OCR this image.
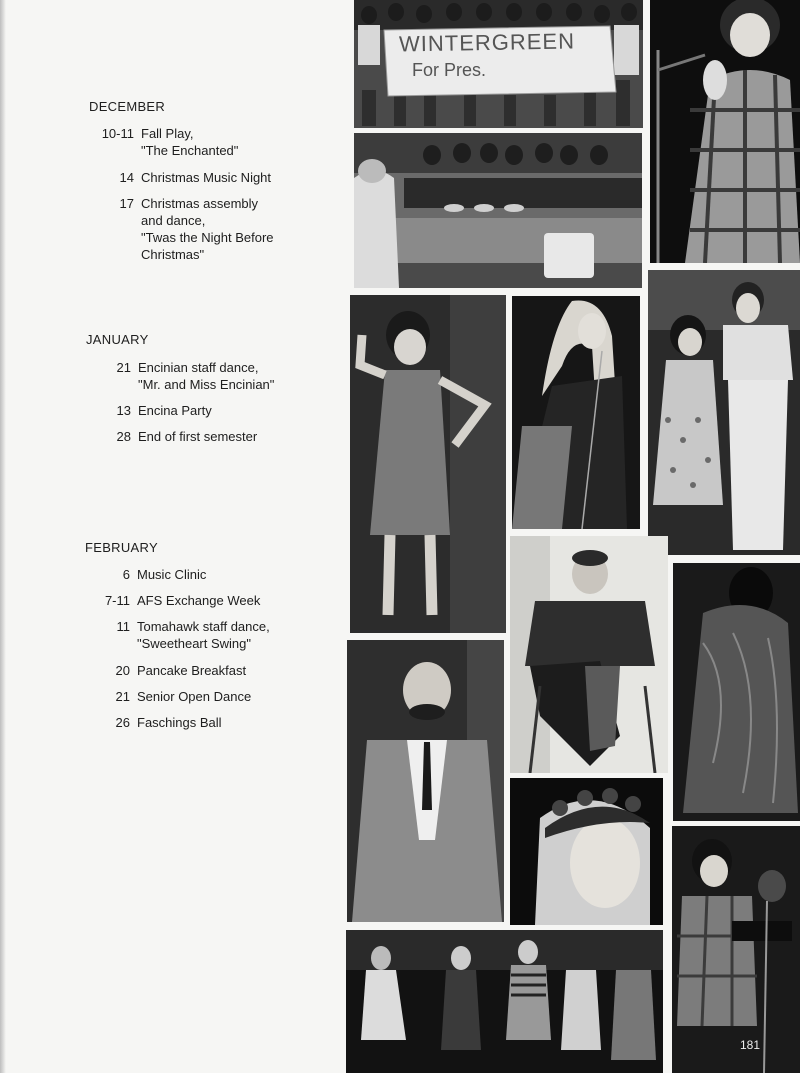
DECEMBER
10-11 Fall Play,
"The Enchanted"
14 Christmas Music Night
17 Christmas assembly
and dance,
"Twas the Night Before
Christmas"
JANUARY
21 Encinian staff dance,
"Mr. and Miss Encinian"
13 Encina Party
28 End of first semester
FEBRUARY
6 Music Clinic
7-11 AFS Exchange Week
11 Tomahawk staff dance,
"Sweetheart Swing"
20 Pancake Breakfast
21 Senior Open Dance
26 Faschings Ball
WINTERGREEN
For Pres.
181
